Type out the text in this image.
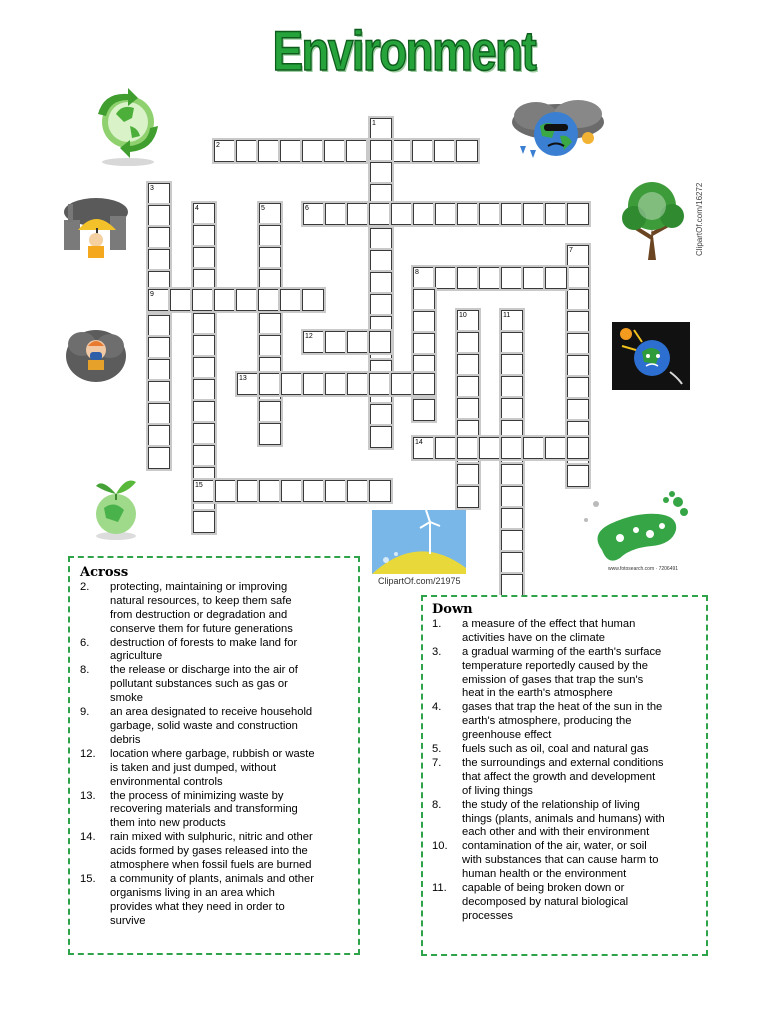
Environment
2
1
3
4	5	6
7
8
9
10	11
12
13
14
15
ClipartOf.com/16272
ClipartOf.com/21975
www.fotosearch.com · 7206491
Across
2. protecting, maintaining or improving
natural resources, to keep them safe
from destruction or degradation and
conserve them for future generations
6. destruction of forests to make land for
agriculture
8. the release or discharge into the air of
pollutant substances such as gas or
smoke
9. an area designated to receive household
garbage, solid waste and construction
debris
12. location where garbage, rubbish or waste
is taken and just dumped, without
environmental controls
13. the process of minimizing waste by
recovering materials and transforming
them into new products
14. rain mixed with sulphuric, nitric and other
acids formed by gases released into the
atmosphere when fossil fuels are burned
15. a community of plants, animals and other
organisms living in an area which
provides what they need in order to
survive
Down
1. a measure of the effect that human
activities have on the climate
3. a gradual warming of the earth's surface
temperature reportedly caused by the
emission of gases that trap the sun's
heat in the earth's atmosphere
4. gases that trap the heat of the sun in the
earth's atmosphere, producing the
greenhouse effect
5. fuels such as oil, coal and natural gas
7. the surroundings and external conditions
that affect the growth and development
of living things
8. the study of the relationship of living
things (plants, animals and humans) with
each other and with their environment
10. contamination of the air, water, or soil
with substances that can cause harm to
human health or the environment
11. capable of being broken down or
decomposed by natural biological
processes
